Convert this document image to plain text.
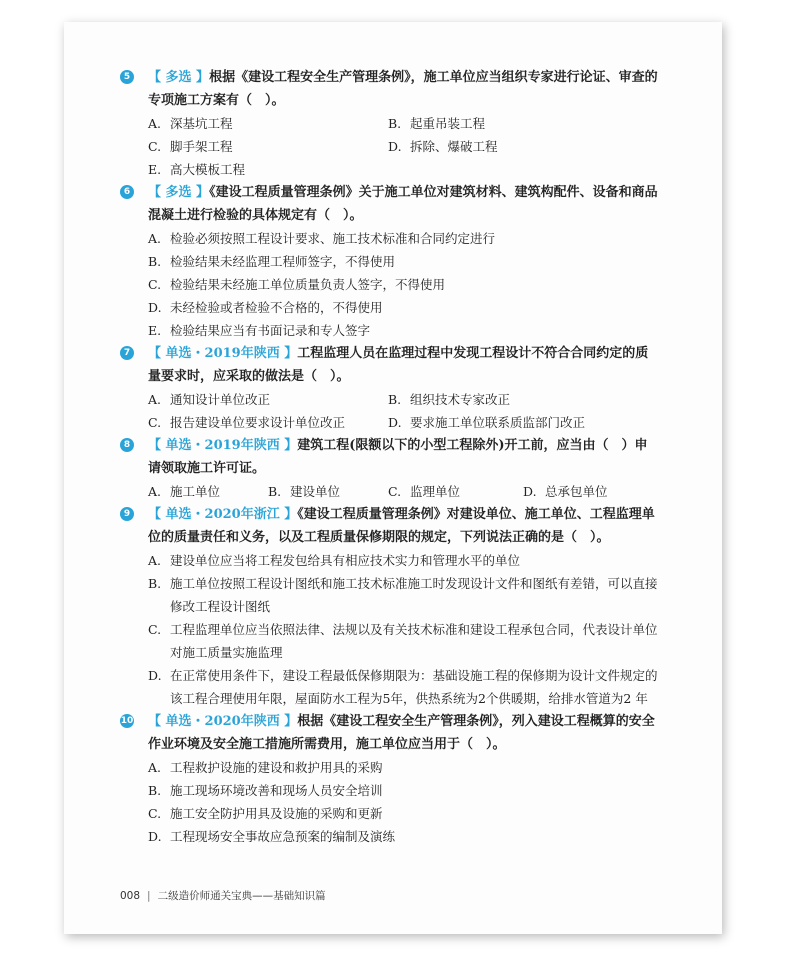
5 【 多选 】根据《建设工程安全生产管理条例》，施工单位应当组织专家进行论证、审查的专项施工方案有（　）。
A. 深基坑工程	B. 起重吊装工程
C. 脚手架工程	D. 拆除、爆破工程
E. 高大模板工程
6 【 多选 】《建设工程质量管理条例》关于施工单位对建筑材料、建筑构配件、设备和商品混凝土进行检验的具体规定有（　）。
A. 检验必须按照工程设计要求、施工技术标准和合同约定进行
B. 检验结果未经监理工程师签字，不得使用
C. 检验结果未经施工单位质量负责人签字，不得使用
D. 未经检验或者检验不合格的，不得使用
E. 检验结果应当有书面记录和专人签字
7 【 单选・2019年陕西 】工程监理人员在监理过程中发现工程设计不符合合同约定的质量要求时，应采取的做法是（　）。
A. 通知设计单位改正	B. 组织技术专家改正
C. 报告建设单位要求设计单位改正	D. 要求施工单位联系质监部门改正
8 【 单选・2019年陕西 】建筑工程(限额以下的小型工程除外)开工前，应当由（　）申请领取施工许可证。
A. 施工单位	B. 建设单位	C. 监理单位	D. 总承包单位
9 【 单选・2020年浙江 】《建设工程质量管理条例》对建设单位、施工单位、工程监理单位的质量责任和义务，以及工程质量保修期限的规定，下列说法正确的是（　）。
A. 建设单位应当将工程发包给具有相应技术实力和管理水平的单位
B. 施工单位按照工程设计图纸和施工技术标准施工时发现设计文件和图纸有差错，可以直接修改工程设计图纸
C. 工程监理单位应当依照法律、法规以及有关技术标准和建设工程承包合同，代表设计单位对施工质量实施监理
D. 在正常使用条件下，建设工程最低保修期限为：基础设施工程的保修期为设计文件规定的该工程合理使用年限，屋面防水工程为5年，供热系统为2个供暖期，给排水管道为2 年
10 【 单选・2020年陕西 】根据《建设工程安全生产管理条例》，列入建设工程概算的安全作业环境及安全施工措施所需费用，施工单位应当用于（　）。
A. 工程救护设施的建设和救护用具的采购
B. 施工现场环境改善和现场人员安全培训
C. 施工安全防护用具及设施的采购和更新
D. 工程现场安全事故应急预案的编制及演练
008 | 二级造价师通关宝典——基础知识篇
